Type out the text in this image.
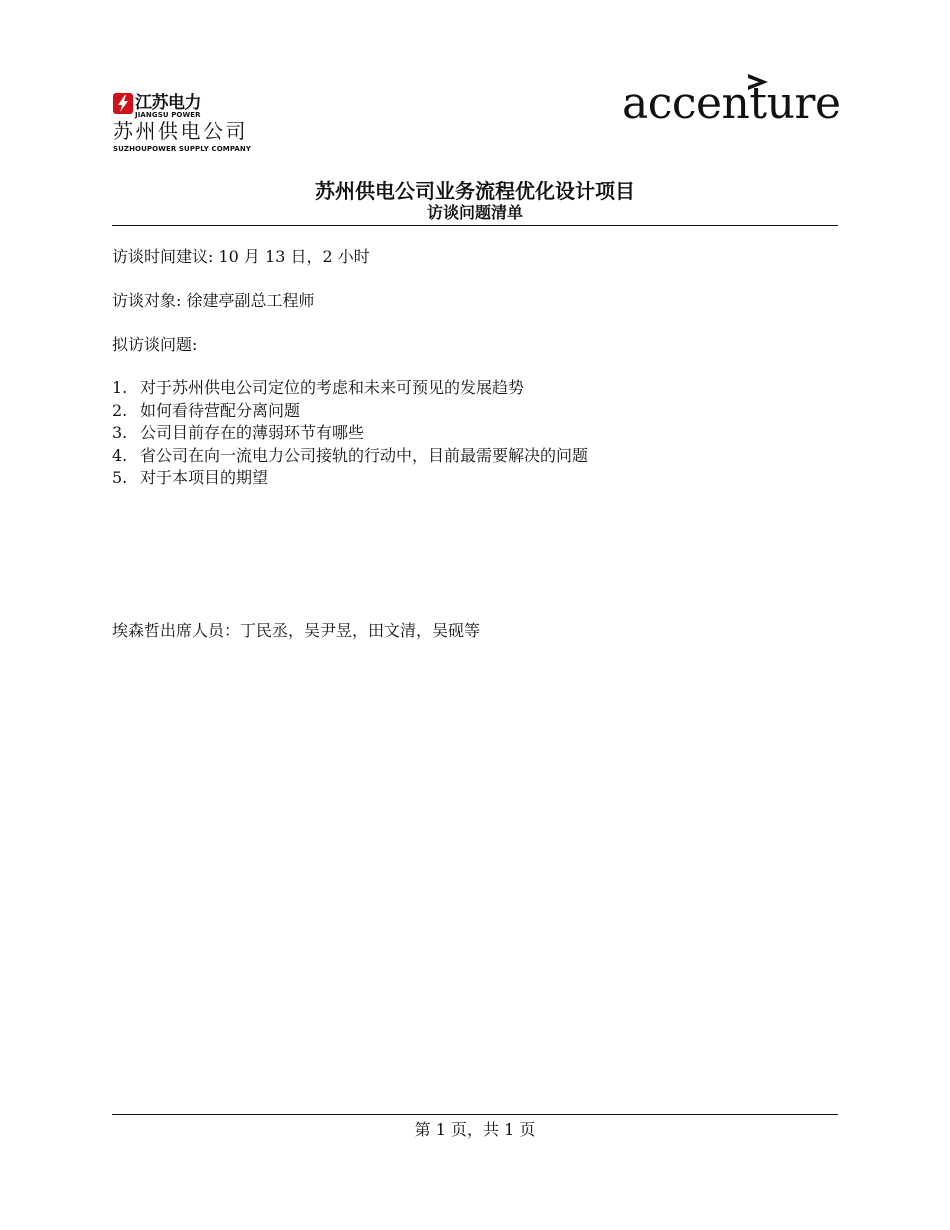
江苏电力
JIANGSU POWER
苏州供电公司
SUZHOUPOWER SUPPLY COMPANY
accenture
苏州供电公司业务流程优化设计项目
访谈问题清单
访谈时间建议: 10 月 13 日，2 小时
访谈对象: 徐建亭副总工程师
拟访谈问题:
1. 对于苏州供电公司定位的考虑和未来可预见的发展趋势
2. 如何看待营配分离问题
3. 公司目前存在的薄弱环节有哪些
4. 省公司在向一流电力公司接轨的行动中，目前最需要解决的问题
5. 对于本项目的期望
埃森哲出席人员：丁民丞，吴尹昱，田文清，吴砚等
第 1 页，共 1 页
